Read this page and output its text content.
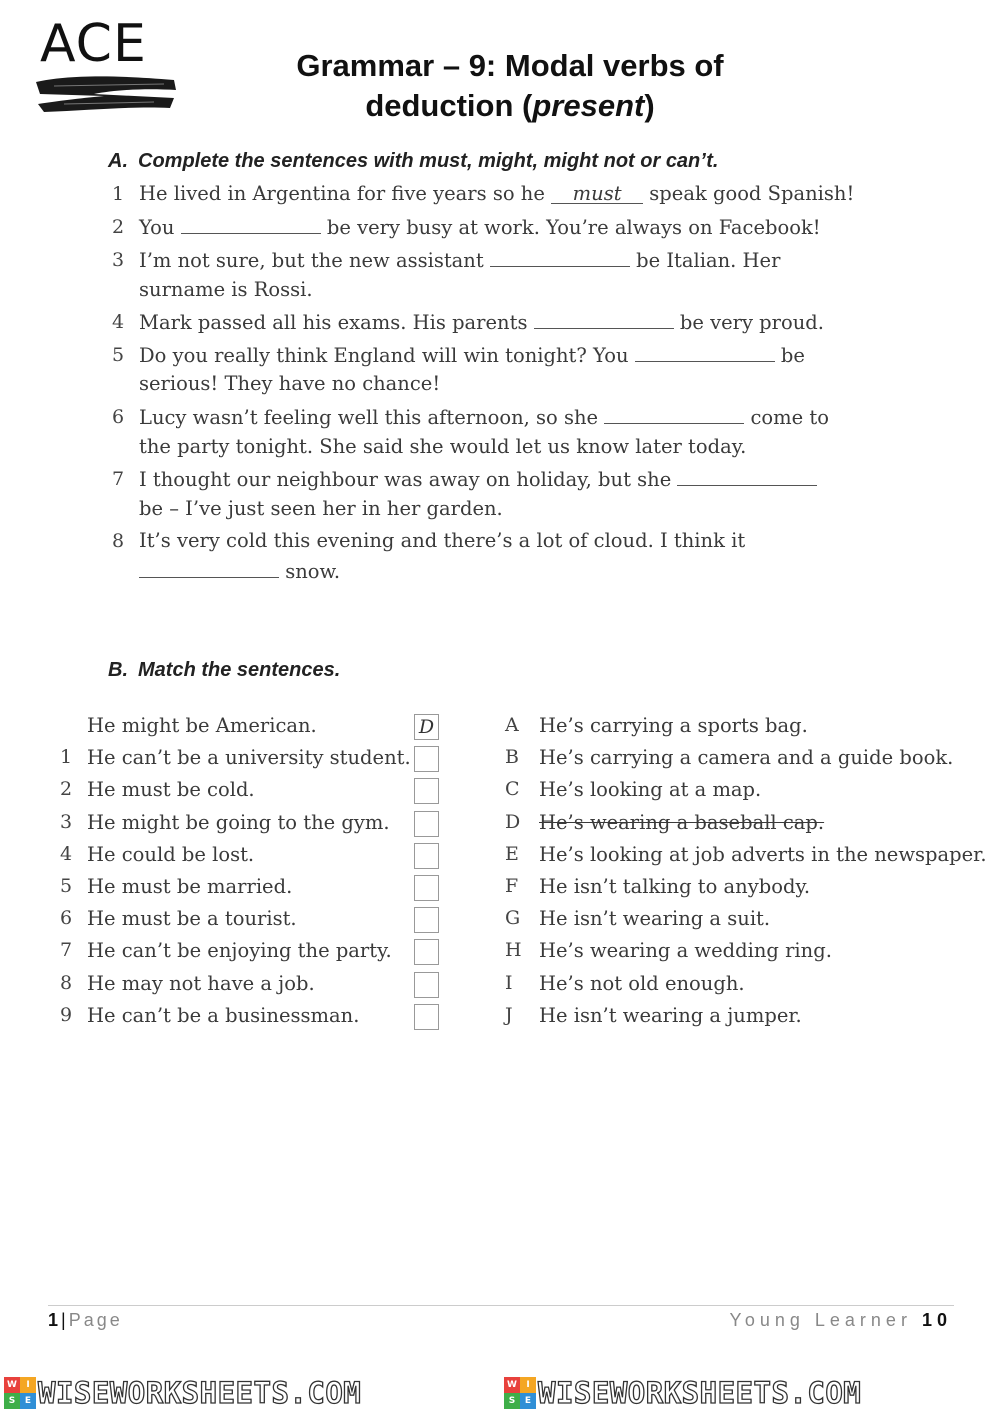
ACE	Grammar – 9: Modal verbs of
deduction (present)
A. Complete the sentences with must, might, might not or can’t.
1 He lived in Argentina for five years so he must speak good Spanish!
2 You	be very busy at work. You’re always on Facebook!
3 I’m not sure, but the new assistant	be Italian. Her
surname is Rossi.
4 Mark passed all his exams. His parents	be very proud.
5 Do you really think England will win tonight? You	be
serious! They have no chance!
6 Lucy wasn’t feeling well this afternoon, so she	come to
the party tonight. She said she would let us know later today.
7 I thought our neighbour was away on holiday, but she
be – I’ve just seen her in her garden.
8 It’s very cold this evening and there’s a lot of cloud. I think it
snow.
B. Match the sentences.
He might be American.	D	A He’s carrying a sports bag.
1 He can’t be a university student.	B He’s carrying a camera and a guide book.
2 He must be cold.	C He’s looking at a map.
3 He might be going to the gym.	D He’s wearing a baseball cap.
4 He could be lost.	E He’s looking at job adverts in the newspaper.
5 He must be married.	F He isn’t talking to anybody.
6 He must be a tourist.	G He isn’t wearing a suit.
7 He can’t be enjoying the party.	H He’s wearing a wedding ring.
8 He may not have a job.	I He’s not old enough.
9 He can’t be a businessman.	J He isn’t wearing a jumper.
1|Page	Young Learner 10
W	I
S	E WISEWORKSHEETS.COM	W	I
S	E WISEWORKSHEETS.COM
